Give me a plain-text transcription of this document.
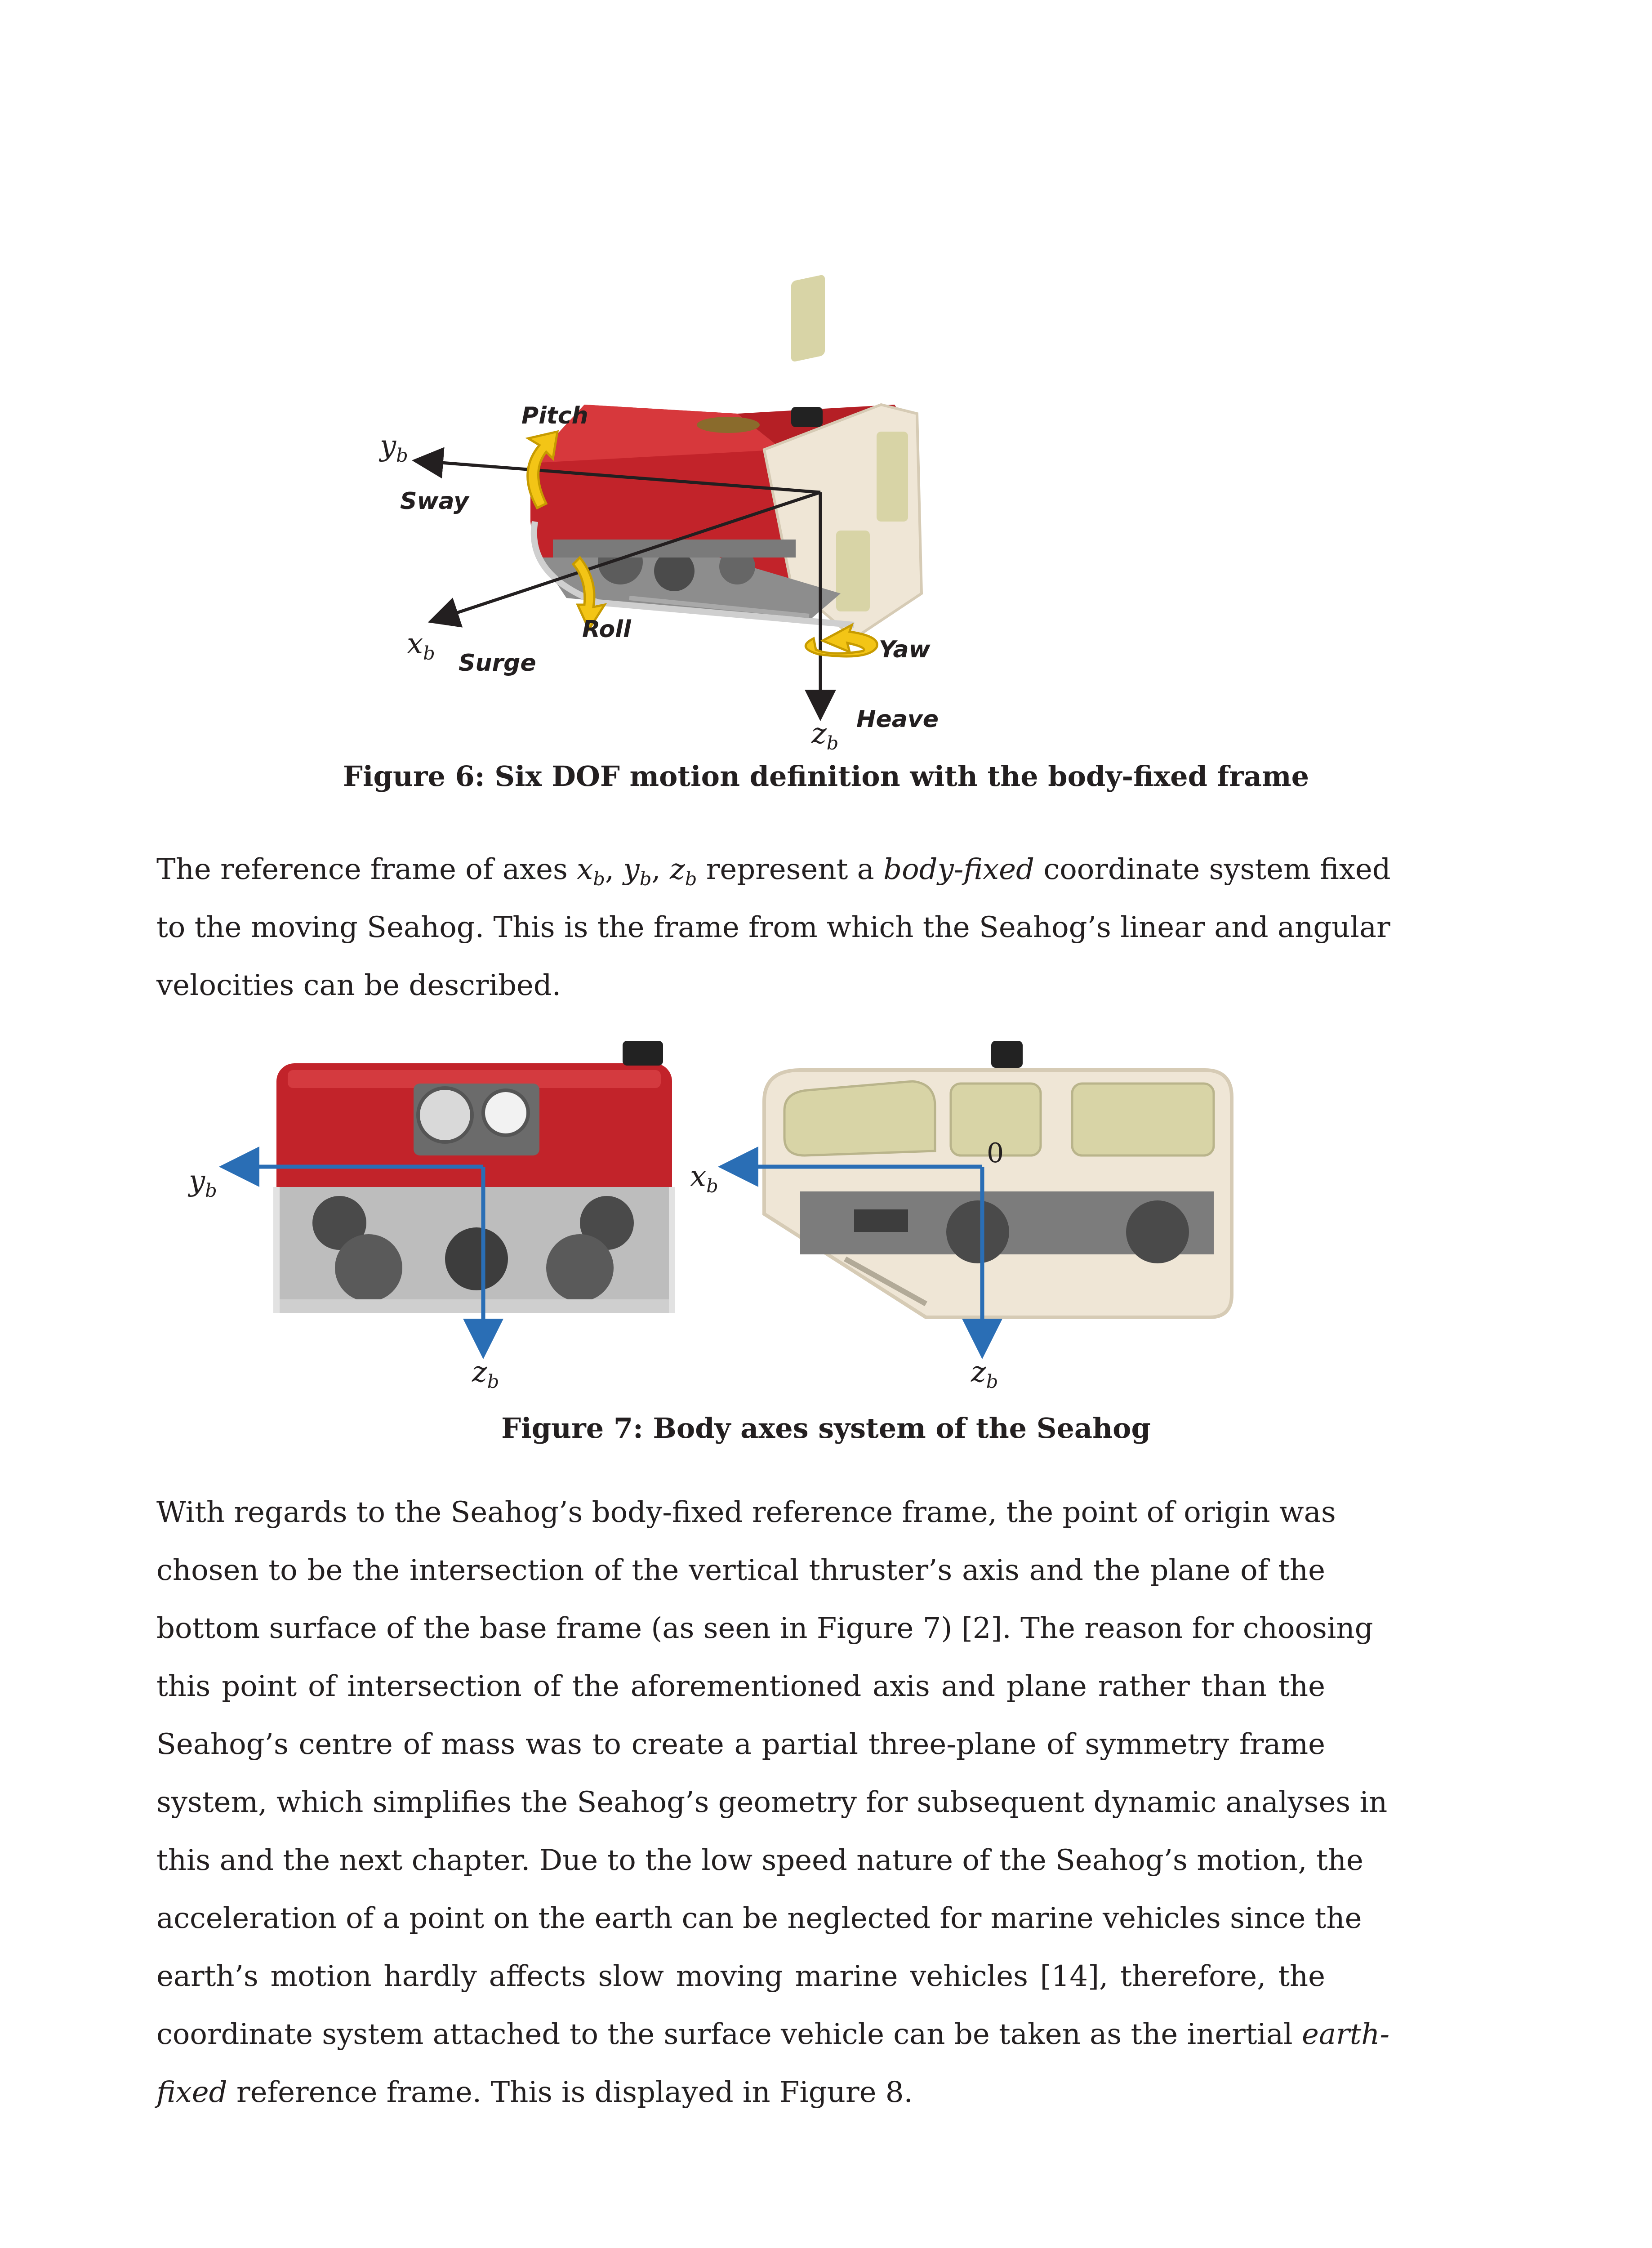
$y_b$
$x_b$
$z_b$
Pitch
Sway
Roll
Surge	Yaw
Heave
Figure 6: Six DOF motion definition with the body-fixed frame
The reference frame of axes $x_b$, $y_b$, $z_b$ represent a body-fixed coordinate system fixed
to the moving Seahog. This is the frame from which the Seahog’s linear and angular
velocities can be described.
$y_b$	$x_b$
$z_b$	$z_b$
0
Figure 7: Body axes system of the Seahog
With regards to the Seahog’s body-fixed reference frame, the point of origin was
chosen to be the intersection of the vertical thruster’s axis and the plane of the
bottom surface of the base frame (as seen in Figure 7) [2]. The reason for choosing
this point of intersection of the aforementioned axis and plane rather than the
Seahog’s centre of mass was to create a partial three-plane of symmetry frame
system, which simplifies the Seahog’s geometry for subsequent dynamic analyses in
this and the next chapter. Due to the low speed nature of the Seahog’s motion, the
acceleration of a point on the earth can be neglected for marine vehicles since the
earth’s motion hardly affects slow moving marine vehicles [14], therefore, the
coordinate system attached to the surface vehicle can be taken as the inertial earth-
fixed reference frame. This is displayed in Figure 8.
